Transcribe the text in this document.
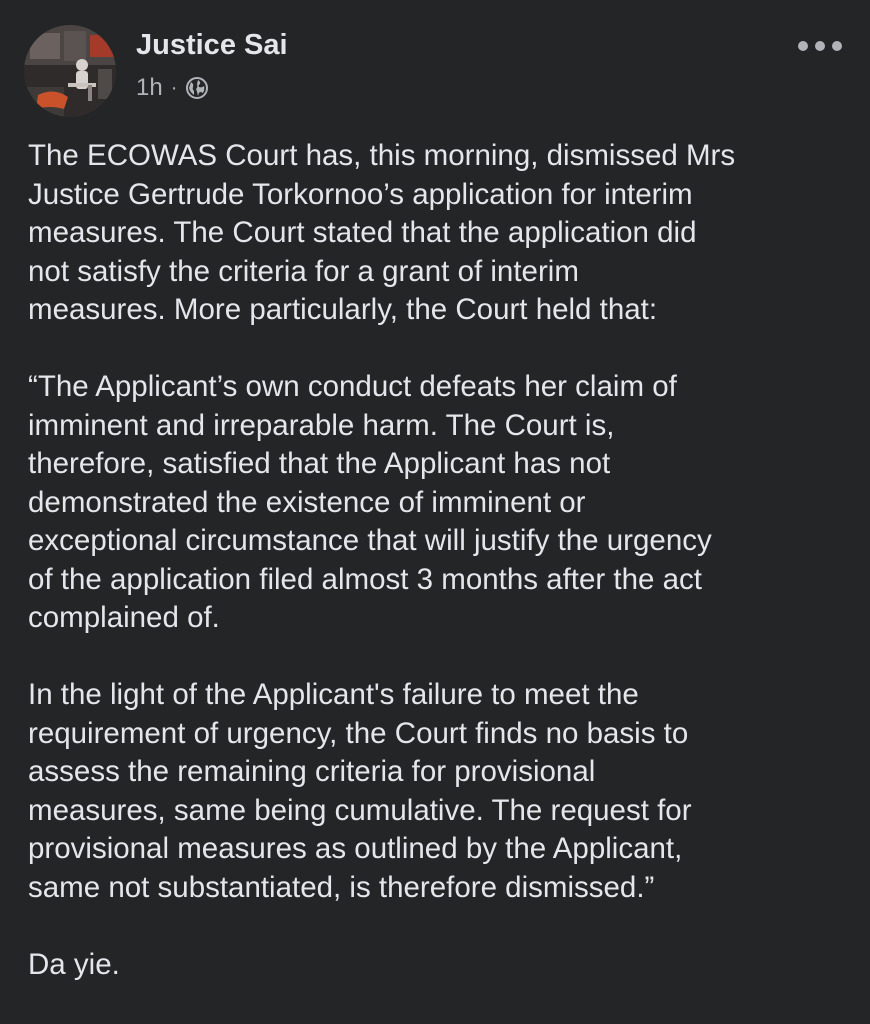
Justice Sai
1h ·

The ECOWAS Court has, this morning, dismissed Mrs
Justice Gertrude Torkornoo’s application for interim
measures. The Court stated that the application did
not satisfy the criteria for a grant of interim
measures. More particularly, the Court held that:

“The Applicant’s own conduct defeats her claim of
imminent and irreparable harm. The Court is,
therefore, satisfied that the Applicant has not
demonstrated the existence of imminent or
exceptional circumstance that will justify the urgency
of the application filed almost 3 months after the act
complained of.

In the light of the Applicant's failure to meet the
requirement of urgency, the Court finds no basis to
assess the remaining criteria for provisional
measures, same being cumulative. The request for
provisional measures as outlined by the Applicant,
same not substantiated, is therefore dismissed.”

Da yie.
